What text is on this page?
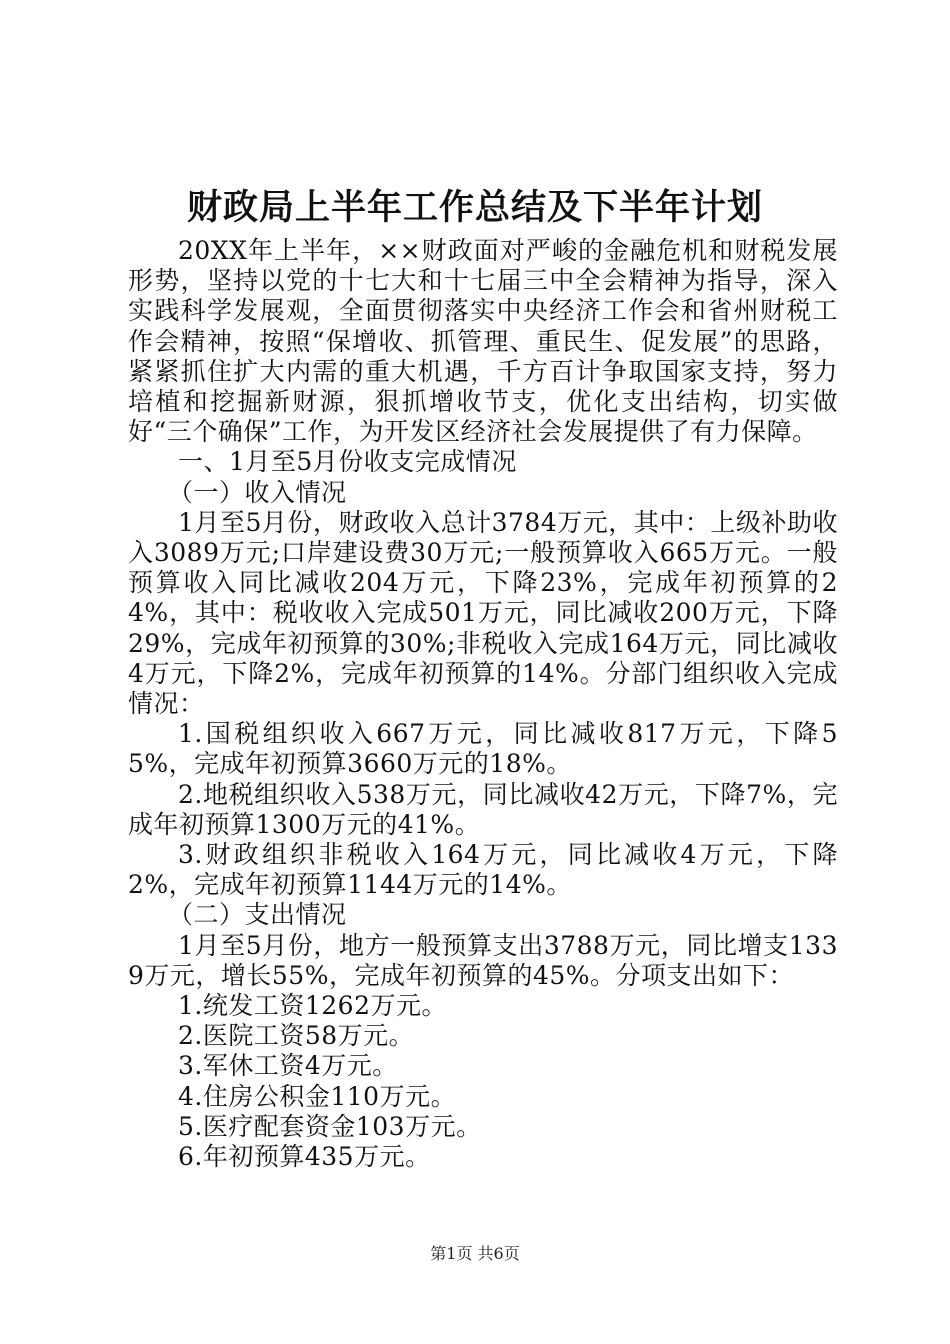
财政局上半年工作总结及下半年计划

20XX年上半年，××财政面对严峻的金融危机和财税发展形势，坚持以党的十七大和十七届三中全会精神为指导，深入实践科学发展观，全面贯彻落实中央经济工作会和省州财税工作会精神，按照“保增收、抓管理、重民生、促发展”的思路，紧紧抓住扩大内需的重大机遇，千方百计争取国家支持，努力培植和挖掘新财源，狠抓增收节支，优化支出结构，切实做好“三个确保”工作，为开发区经济社会发展提供了有力保障。

一、1月至5月份收支完成情况

（一）收入情况

1月至5月份，财政收入总计3784万元，其中：上级补助收入3089万元;口岸建设费30万元;一般预算收入665万元。一般预算收入同比减收204万元，下降23%，完成年初预算的24%，其中：税收收入完成501万元，同比减收200万元，下降29%，完成年初预算的30%;非税收入完成164万元，同比减收4万元，下降2%，完成年初预算的14%。分部门组织收入完成情况：

1.国税组织收入667万元，同比减收817万元，下降55%，完成年初预算3660万元的18%。

2.地税组织收入538万元，同比减收42万元，下降7%，完成年初预算1300万元的41%。

3.财政组织非税收入164万元，同比减收4万元，下降2%，完成年初预算1144万元的14%。

（二）支出情况

1月至5月份，地方一般预算支出3788万元，同比增支1339万元，增长55%，完成年初预算的45%。分项支出如下：

1.统发工资1262万元。

2.医院工资58万元。

3.军休工资4万元。

4.住房公积金110万元。

5.医疗配套资金103万元。

6.年初预算435万元。

第1页 共6页
